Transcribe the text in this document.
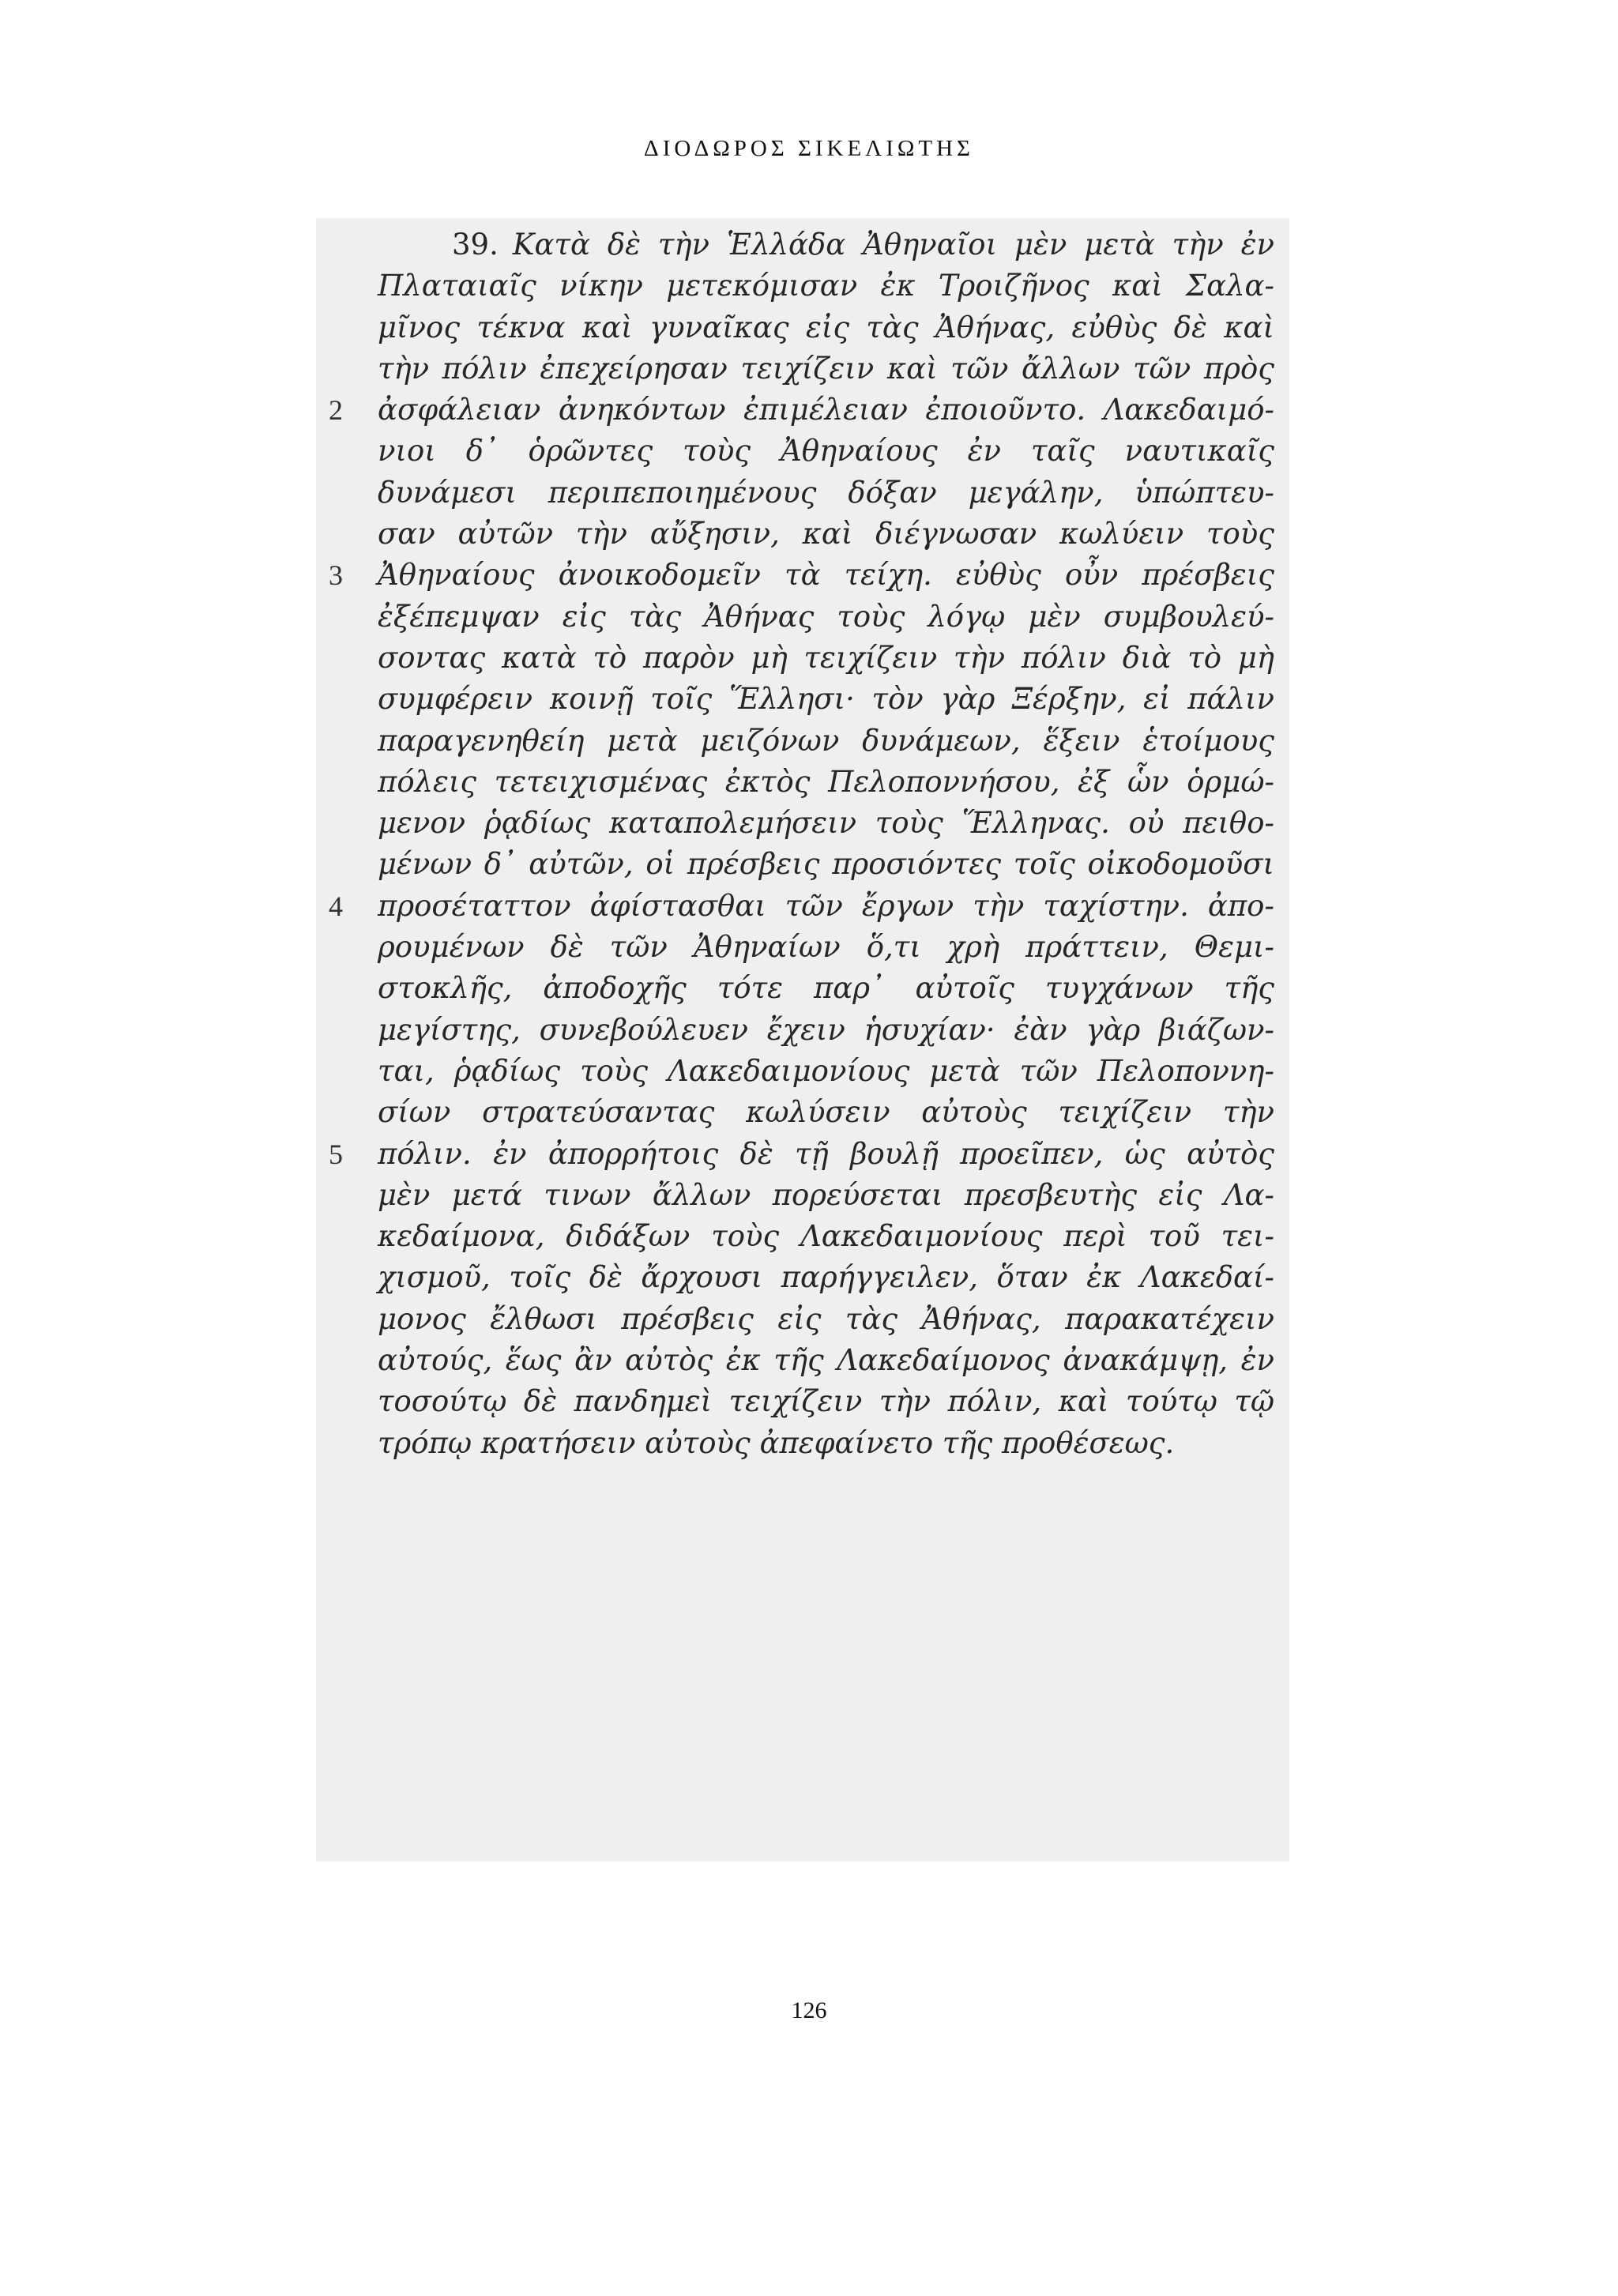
ΔΙΟΔΩΡΟΣ ΣΙΚΕΛΙΩΤΗΣ
39. Κατὰ δὲ τὴν Ἑλλάδα Ἀθηναῖοι μὲν μετὰ τὴν ἐν
Πλαταιαῖς νίκην μετεκόμισαν ἐκ Τροιζῆνος καὶ Σαλα-
μῖνος τέκνα καὶ γυναῖκας εἰς τὰς Ἀθήνας, εὐθὺς δὲ καὶ
τὴν πόλιν ἐπεχείρησαν τειχίζειν καὶ τῶν ἄλλων τῶν πρὸς
2 ἀσφάλειαν ἀνηκόντων ἐπιμέλειαν ἐποιοῦντο. Λακεδαιμό-
νιοι δ᾽ ὁρῶντες τοὺς Ἀθηναίους ἐν ταῖς ναυτικαῖς
δυνάμεσι περιπεποιημένους δόξαν μεγάλην, ὑπώπτευ-
σαν αὐτῶν τὴν αὔξησιν, καὶ διέγνωσαν κωλύειν τοὺς
3 Ἀθηναίους ἀνοικοδομεῖν τὰ τείχη. εὐθὺς οὖν πρέσβεις
ἐξέπεμψαν εἰς τὰς Ἀθήνας τοὺς λόγῳ μὲν συμβουλεύ-
σοντας κατὰ τὸ παρὸν μὴ τειχίζειν τὴν πόλιν διὰ τὸ μὴ
συμφέρειν κοινῇ τοῖς Ἕλλησι· τὸν γὰρ Ξέρξην, εἰ πάλιν
παραγενηθείη μετὰ μειζόνων δυνάμεων, ἕξειν ἑτοίμους
πόλεις τετειχισμένας ἐκτὸς Πελοποννήσου, ἐξ ὧν ὁρμώ-
μενον ῥᾳδίως καταπολεμήσειν τοὺς Ἕλληνας. οὐ πειθο-
μένων δ᾽ αὐτῶν, οἱ πρέσβεις προσιόντες τοῖς οἰκοδομοῦσι
4 προσέταττον ἀφίστασθαι τῶν ἔργων τὴν ταχίστην. ἀπο-
ρουμένων δὲ τῶν Ἀθηναίων ὅ,τι χρὴ πράττειν, Θεμι-
στοκλῆς, ἀποδοχῆς τότε παρ᾽ αὐτοῖς τυγχάνων τῆς
μεγίστης, συνεβούλευεν ἔχειν ἡσυχίαν· ἐὰν γὰρ βιάζων-
ται, ῥᾳδίως τοὺς Λακεδαιμονίους μετὰ τῶν Πελοποννη-
σίων στρατεύσαντας κωλύσειν αὐτοὺς τειχίζειν τὴν
5 πόλιν. ἐν ἀπορρήτοις δὲ τῇ βουλῇ προεῖπεν, ὡς αὐτὸς
μὲν μετά τινων ἄλλων πορεύσεται πρεσβευτὴς εἰς Λα-
κεδαίμονα, διδάξων τοὺς Λακεδαιμονίους περὶ τοῦ τει-
χισμοῦ, τοῖς δὲ ἄρχουσι παρήγγειλεν, ὅταν ἐκ Λακεδαί-
μονος ἔλθωσι πρέσβεις εἰς τὰς Ἀθήνας, παρακατέχειν
αὐτούς, ἕως ἂν αὐτὸς ἐκ τῆς Λακεδαίμονος ἀνακάμψῃ, ἐν
τοσούτῳ δὲ πανδημεὶ τειχίζειν τὴν πόλιν, καὶ τούτῳ τῷ
τρόπῳ κρατήσειν αὐτοὺς ἀπεφαίνετο τῆς προθέσεως.
126
